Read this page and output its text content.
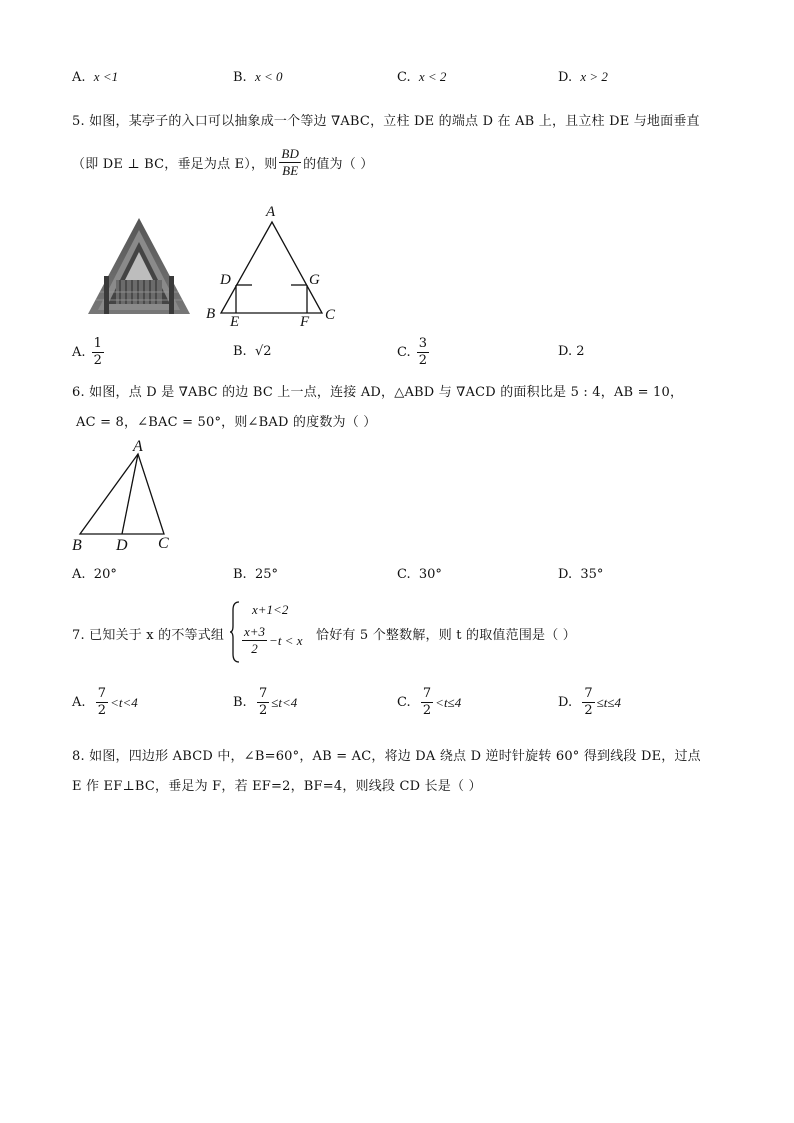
A. x <1	B. x < 0	C. x < 2	D. x > 2
5. 如图，某亭子的入口可以抽象成一个等边 ∇ABC，立柱 DE 的端点 D 在 AB 上，且立柱 DE 与地面垂直
（即 DE ⊥ BC，垂足为点 E），则 $\frac{BD}{BE}$ 的值为（ ）
A
D	G
B E	F C
A.
$\frac{1}{2}$	B. √2	C.
$\frac{3}{2}$	D. 2
6. 如图，点 D 是 ∇ABC 的边 BC 上一点，连接 AD，△ABD 与 ∇ACD 的面积比是 5 : 4，AB = 10，
AC = 8，∠BAC = 50°，则∠BAD 的度数为（ ）
A
B D C
A. 20°	B. 25°	C. 30°	D. 35°
7. 已知关于 x 的不等式组
x+1<2
$\frac{x+3}{2} -t < x$ 恰好有 5 个整数解，则 t 的取值范围是（ ）
A.
$\frac{7}{2} <t<4$	B.
$\frac{7}{2} \le t<4$	C.
$\frac{7}{2} <t\le 4$	D.
$\frac{7}{2} \le t\le 4$
8. 如图，四边形 ABCD 中，∠B=60°，AB = AC，将边 DA 绕点 D 逆时针旋转 60° 得到线段 DE，过点
E 作 EF⊥BC，垂足为 F，若 EF=2，BF=4，则线段 CD 长是（ ）
